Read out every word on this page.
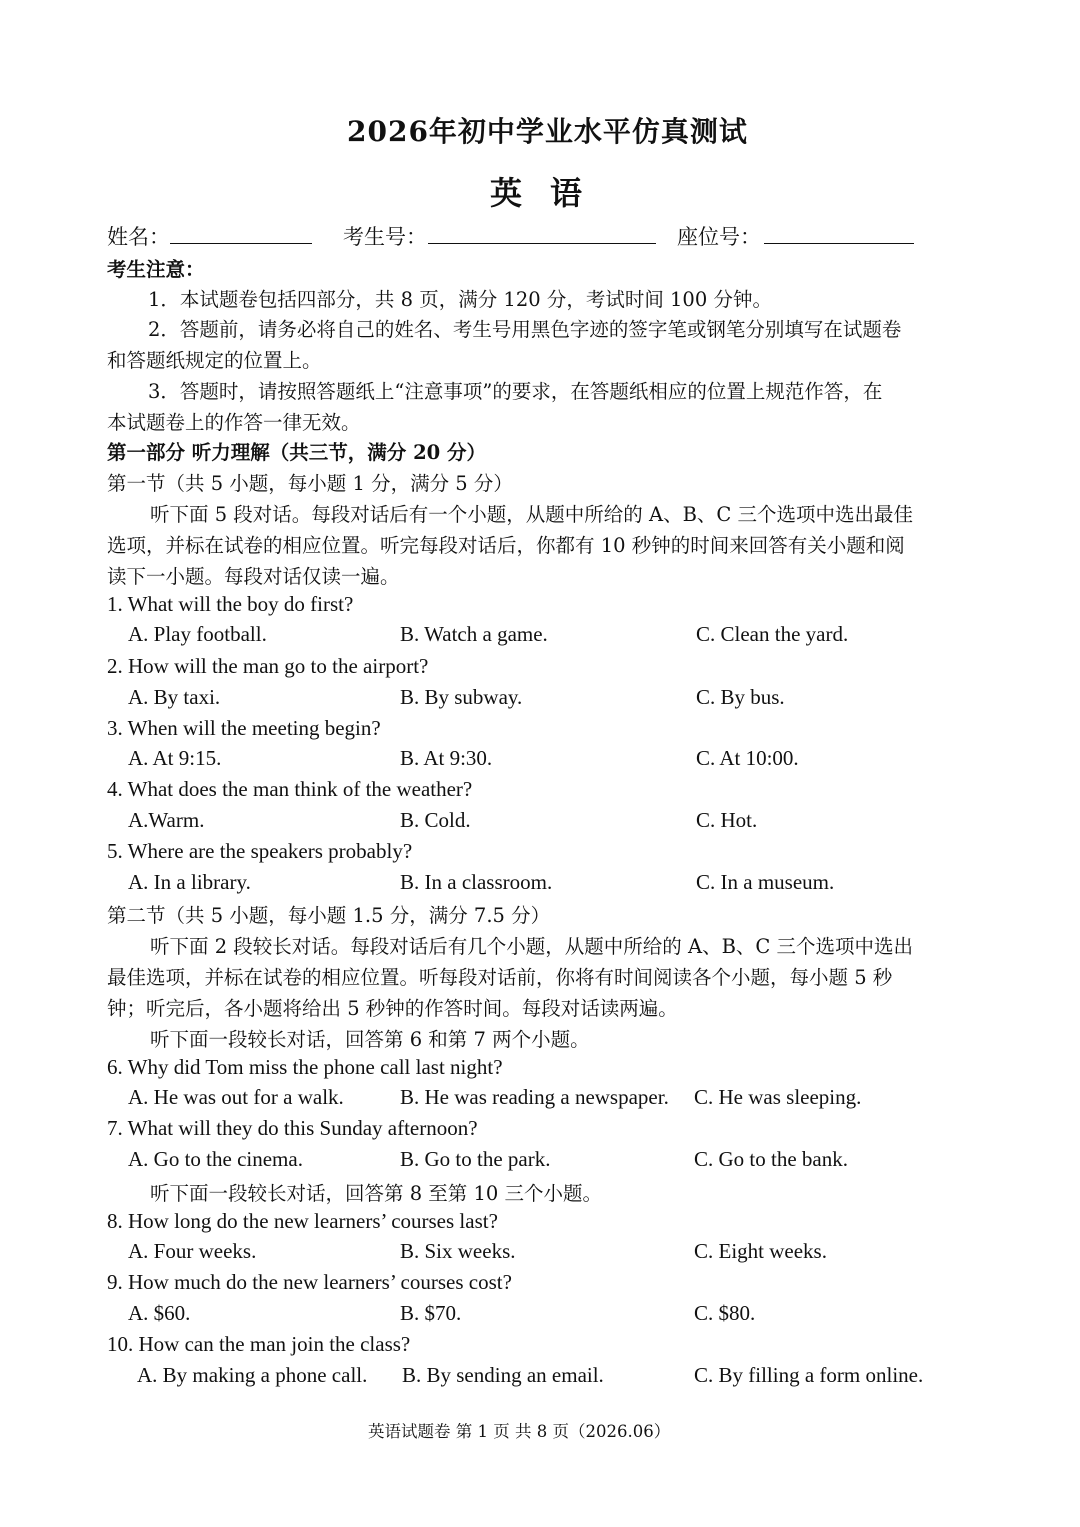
2026年初中学业水平仿真测试
英语
姓名：	考生号：	座位号：
考生注意：
1．本试题卷包括四部分，共 8 页，满分 120 分，考试时间 100 分钟。
2．答题前，请务必将自己的姓名、考生号用黑色字迹的签字笔或钢笔分别填写在试题卷
和答题纸规定的位置上。
3．答题时，请按照答题纸上“注意事项”的要求，在答题纸相应的位置上规范作答，在
本试题卷上的作答一律无效。
第一部分 听力理解（共三节，满分 20 分）
第一节（共 5 小题，每小题 1 分，满分 5 分）
听下面 5 段对话。每段对话后有一个小题，从题中所给的 A、B、C 三个选项中选出最佳
选项，并标在试卷的相应位置。听完每段对话后，你都有 10 秒钟的时间来回答有关小题和阅
读下一小题。每段对话仅读一遍。
1. What will the boy do first?
A. Play football.	B. Watch a game.	C. Clean the yard.
2. How will the man go to the airport?
A. By taxi.	B. By subway.	C. By bus.
3. When will the meeting begin?
A. At 9:15.	B. At 9:30.	C. At 10:00.
4. What does the man think of the weather?
A.Warm.	B. Cold.	C. Hot.
5. Where are the speakers probably?
A. In a library.	B. In a classroom.	C. In a museum.
第二节（共 5 小题，每小题 1.5 分，满分 7.5 分）
听下面 2 段较长对话。每段对话后有几个小题，从题中所给的 A、B、C 三个选项中选出
最佳选项，并标在试卷的相应位置。听每段对话前，你将有时间阅读各个小题，每小题 5 秒
钟；听完后，各小题将给出 5 秒钟的作答时间。每段对话读两遍。
听下面一段较长对话，回答第 6 和第 7 两个小题。
6. Why did Tom miss the phone call last night?
A. He was out for a walk.	B. He was reading a newspaper. C. He was sleeping.
7. What will they do this Sunday afternoon?
A. Go to the cinema.	B. Go to the park.	C. Go to the bank.
听下面一段较长对话，回答第 8 至第 10 三个小题。
8. How long do the new learners’ courses last?
A. Four weeks.	B. Six weeks.	C. Eight weeks.
9. How much do the new learners’ courses cost?
A. $60.	B. $70.	C. $80.
10. How can the man join the class?
A. By making a phone call. B. By sending an email.	C. By filling a form online.
英语试题卷 第 1 页 共 8 页（2026.06）
